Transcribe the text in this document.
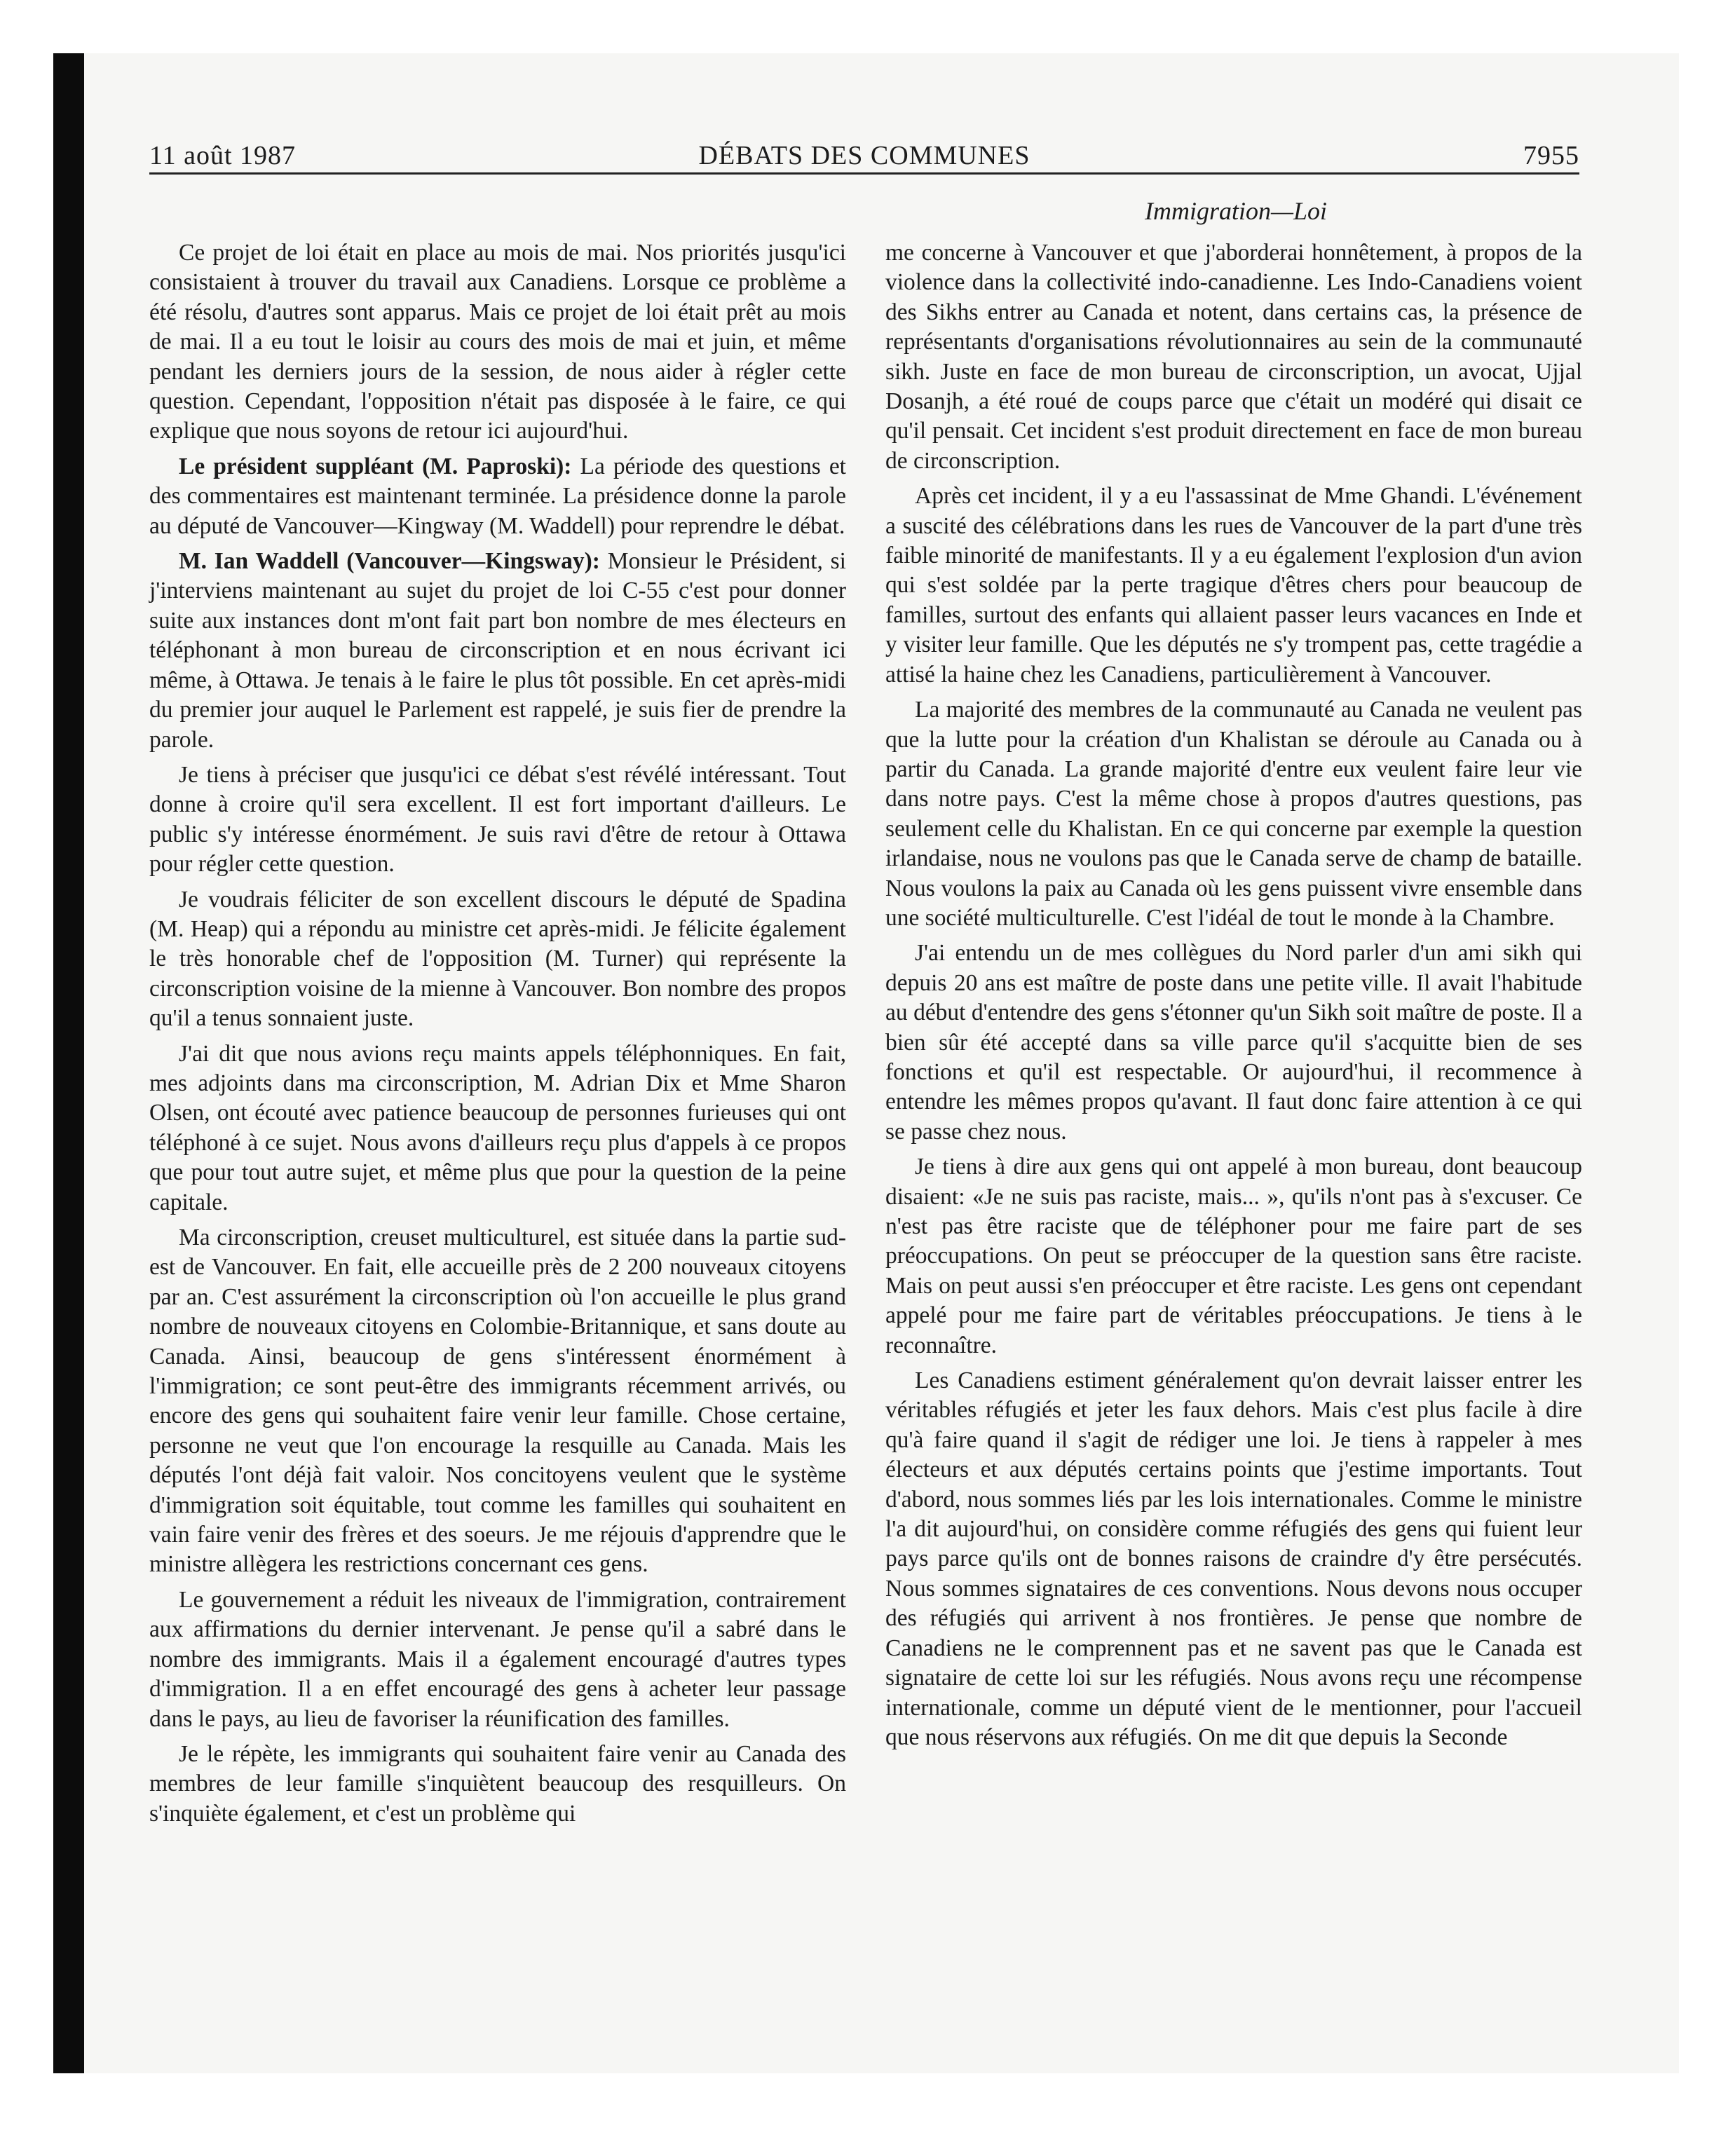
11 août 1987	DÉBATS DES COMMUNES	7955
Immigration—Loi

Ce projet de loi était en place au mois de mai. Nos priorités jusqu'ici consistaient à trouver du travail aux Canadiens. Lorsque ce problème a été résolu, d'autres sont apparus. Mais ce projet de loi était prêt au mois de mai. Il a eu tout le loisir au cours des mois de mai et juin, et même pendant les derniers jours de la session, de nous aider à régler cette question. Cependant, l'opposition n'était pas disposée à le faire, ce qui explique que nous soyons de retour ici aujourd'hui.

Le président suppléant (M. Paproski): La période des questions et des commentaires est maintenant terminée. La présidence donne la parole au député de Vancouver—Kingway (M. Waddell) pour reprendre le débat.

M. Ian Waddell (Vancouver—Kingsway): Monsieur le Président, si j'interviens maintenant au sujet du projet de loi C-55 c'est pour donner suite aux instances dont m'ont fait part bon nombre de mes électeurs en téléphonant à mon bureau de circonscription et en nous écrivant ici même, à Ottawa. Je tenais à le faire le plus tôt possible. En cet après-midi du premier jour auquel le Parlement est rappelé, je suis fier de prendre la parole.

Je tiens à préciser que jusqu'ici ce débat s'est révélé intéressant. Tout donne à croire qu'il sera excellent. Il est fort important d'ailleurs. Le public s'y intéresse énormément. Je suis ravi d'être de retour à Ottawa pour régler cette question.

Je voudrais féliciter de son excellent discours le député de Spadina (M. Heap) qui a répondu au ministre cet après-midi. Je félicite également le très honorable chef de l'opposition (M. Turner) qui représente la circonscription voisine de la mienne à Vancouver. Bon nombre des propos qu'il a tenus sonnaient juste.

J'ai dit que nous avions reçu maints appels téléphonniques. En fait, mes adjoints dans ma circonscription, M. Adrian Dix et Mme Sharon Olsen, ont écouté avec patience beaucoup de personnes furieuses qui ont téléphoné à ce sujet. Nous avons d'ailleurs reçu plus d'appels à ce propos que pour tout autre sujet, et même plus que pour la question de la peine capitale.

Ma circonscription, creuset multiculturel, est située dans la partie sud-est de Vancouver. En fait, elle accueille près de 2 200 nouveaux citoyens par an. C'est assurément la circonscription où l'on accueille le plus grand nombre de nouveaux citoyens en Colombie-Britannique, et sans doute au Canada. Ainsi, beaucoup de gens s'intéressent énormément à l'immigration; ce sont peut-être des immigrants récemment arrivés, ou encore des gens qui souhaitent faire venir leur famille. Chose certaine, personne ne veut que l'on encourage la resquille au Canada. Mais les députés l'ont déjà fait valoir. Nos concitoyens veulent que le système d'immigration soit équitable, tout comme les familles qui souhaitent en vain faire venir des frères et des soeurs. Je me réjouis d'apprendre que le ministre allègera les restrictions concernant ces gens.

Le gouvernement a réduit les niveaux de l'immigration, contrairement aux affirmations du dernier intervenant. Je pense qu'il a sabré dans le nombre des immigrants. Mais il a également encouragé d'autres types d'immigration. Il a en effet encouragé des gens à acheter leur passage dans le pays, au lieu de favoriser la réunification des familles.

Je le répète, les immigrants qui souhaitent faire venir au Canada des membres de leur famille s'inquiètent beaucoup des resquilleurs. On s'inquiète également, et c'est un problème qui

me concerne à Vancouver et que j'aborderai honnêtement, à propos de la violence dans la collectivité indo-canadienne. Les Indo-Canadiens voient des Sikhs entrer au Canada et notent, dans certains cas, la présence de représentants d'organisations révolutionnaires au sein de la communauté sikh. Juste en face de mon bureau de circonscription, un avocat, Ujjal Dosanjh, a été roué de coups parce que c'était un modéré qui disait ce qu'il pensait. Cet incident s'est produit directement en face de mon bureau de circonscription.

Après cet incident, il y a eu l'assassinat de Mme Ghandi. L'événement a suscité des célébrations dans les rues de Vancouver de la part d'une très faible minorité de manifestants. Il y a eu également l'explosion d'un avion qui s'est soldée par la perte tragique d'êtres chers pour beaucoup de familles, surtout des enfants qui allaient passer leurs vacances en Inde et y visiter leur famille. Que les députés ne s'y trompent pas, cette tragédie a attisé la haine chez les Canadiens, particulièrement à Vancouver.

La majorité des membres de la communauté au Canada ne veulent pas que la lutte pour la création d'un Khalistan se déroule au Canada ou à partir du Canada. La grande majorité d'entre eux veulent faire leur vie dans notre pays. C'est la même chose à propos d'autres questions, pas seulement celle du Khalistan. En ce qui concerne par exemple la question irlandaise, nous ne voulons pas que le Canada serve de champ de bataille. Nous voulons la paix au Canada où les gens puissent vivre ensemble dans une société multiculturelle. C'est l'idéal de tout le monde à la Chambre.

J'ai entendu un de mes collègues du Nord parler d'un ami sikh qui depuis 20 ans est maître de poste dans une petite ville. Il avait l'habitude au début d'entendre des gens s'étonner qu'un Sikh soit maître de poste. Il a bien sûr été accepté dans sa ville parce qu'il s'acquitte bien de ses fonctions et qu'il est respectable. Or aujourd'hui, il recommence à entendre les mêmes propos qu'avant. Il faut donc faire attention à ce qui se passe chez nous.

Je tiens à dire aux gens qui ont appelé à mon bureau, dont beaucoup disaient: «Je ne suis pas raciste, mais... », qu'ils n'ont pas à s'excuser. Ce n'est pas être raciste que de téléphoner pour me faire part de ses préoccupations. On peut se préoccuper de la question sans être raciste. Mais on peut aussi s'en préoccuper et être raciste. Les gens ont cependant appelé pour me faire part de véritables préoccupations. Je tiens à le reconnaître.

Les Canadiens estiment généralement qu'on devrait laisser entrer les véritables réfugiés et jeter les faux dehors. Mais c'est plus facile à dire qu'à faire quand il s'agit de rédiger une loi. Je tiens à rappeler à mes électeurs et aux députés certains points que j'estime importants. Tout d'abord, nous sommes liés par les lois internationales. Comme le ministre l'a dit aujourd'hui, on considère comme réfugiés des gens qui fuient leur pays parce qu'ils ont de bonnes raisons de craindre d'y être persécutés. Nous sommes signataires de ces conventions. Nous devons nous occuper des réfugiés qui arrivent à nos frontières. Je pense que nombre de Canadiens ne le comprennent pas et ne savent pas que le Canada est signataire de cette loi sur les réfugiés. Nous avons reçu une récompense internationale, comme un député vient de le mentionner, pour l'accueil que nous réservons aux réfugiés. On me dit que depuis la Seconde
